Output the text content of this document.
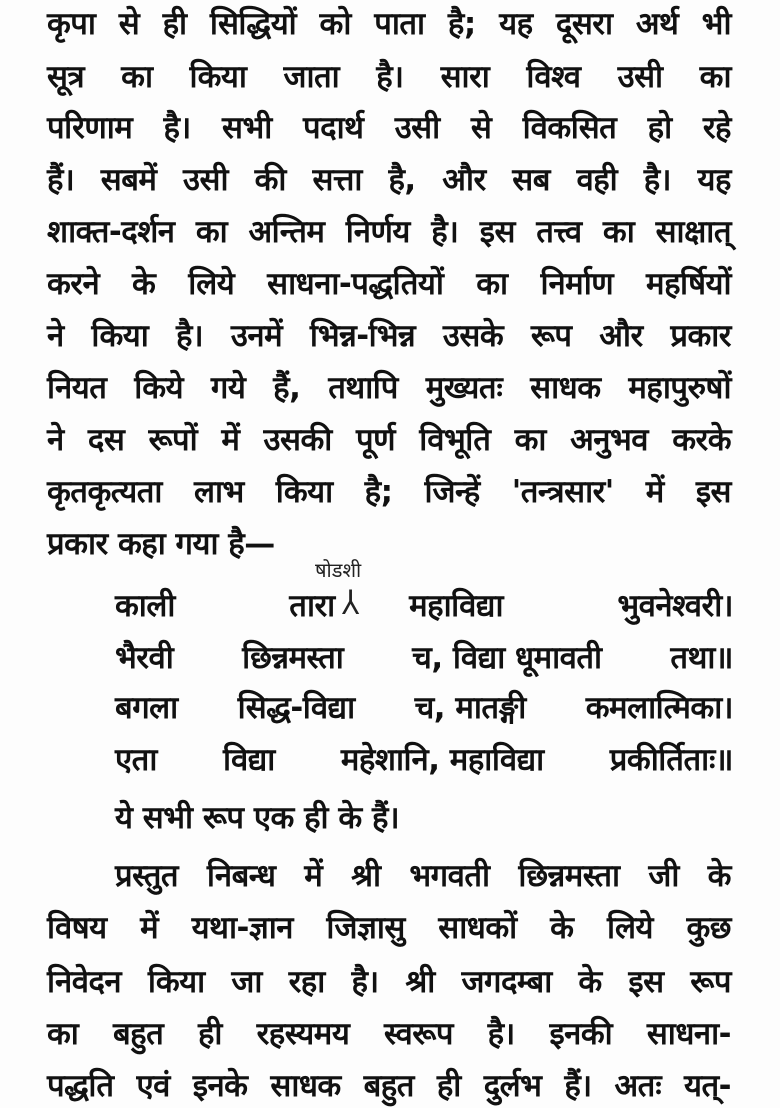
कृपा से ही सिद्धियों को पाता है; यह दूसरा अर्थ भी
सूत्र का किया जाता है। सारा विश्व उसी का
परिणाम है। सभी पदार्थ उसी से विकसित हो रहे
हैं। सबमें उसी की सत्ता है, और सब वही है। यह
शाक्त-दर्शन का अन्तिम निर्णय है। इस तत्त्व का साक्षात्
करने के लिये साधना-पद्धतियों का निर्माण महर्षियों
ने किया है। उनमें भिन्न-भिन्न उसके रूप और प्रकार
नियत किये गये हैं, तथापि मुख्यतः साधक महापुरुषों
ने दस रूपों में उसकी पूर्ण विभूति का अनुभव करके
कृतकृत्यता लाभ किया है; जिन्हें 'तन्त्रसार' में इस
प्रकार कहा गया है—
षोडशी
⅄
काली	तारा महाविद्या	भुवनेश्वरी।
भैरवी छिन्नमस्ता च, विद्या धूमावती तथा॥
बगला सिद्ध-विद्या च, मातङ्गी कमलात्मिका।
एता विद्या महेशानि, महाविद्या प्रकीर्तिताः॥
ये सभी रूप एक ही के हैं।
प्रस्तुत निबन्ध में श्री भगवती छिन्नमस्ता जी के
विषय में यथा-ज्ञान जिज्ञासु साधकों के लिये कुछ
निवेदन किया जा रहा है। श्री जगदम्बा के इस रूप
का बहुत ही रहस्यमय स्वरूप है। इनकी साधना-
पद्धति एवं इनके साधक बहुत ही दुर्लभ हैं। अतः यत्-
